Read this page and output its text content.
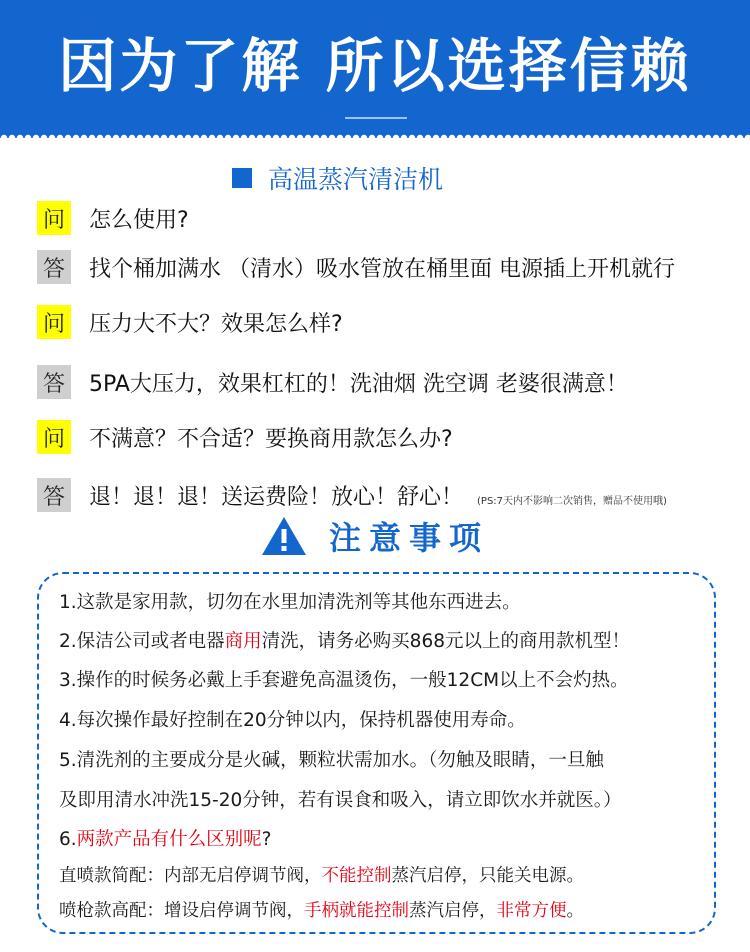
因为了解 所以选择信赖
高温蒸汽清洁机
问 怎么使用?
答 找个桶加满水 （清水）吸水管放在桶里面 电源插上开机就行
问 压力大不大？效果怎么样?
答 5PA大压力，效果杠杠的！洗油烟 洗空调 老婆很满意！
问 不满意？不合适？要换商用款怎么办?
答 退！退！退！送运费险！放心！舒心！ (PS:7天内不影响二次销售，赠品不使用哦)
注意事项
1.这款是家用款，切勿在水里加清洗剂等其他东西进去。
2.保洁公司或者电器商用清洗，请务必购买868元以上的商用款机型！
3.操作的时候务必戴上手套避免高温烫伤，一般12CM以上不会灼热。
4.每次操作最好控制在20分钟以内，保持机器使用寿命。
5.清洗剂的主要成分是火碱，颗粒状需加水。（勿触及眼睛，一旦触
及即用清水冲洗15-20分钟，若有误食和吸入，请立即饮水并就医。）
6.两款产品有什么区别呢?
直喷款简配：内部无启停调节阀，不能控制蒸汽启停，只能关电源。
喷枪款高配：增设启停调节阀，手柄就能控制蒸汽启停，非常方便。
